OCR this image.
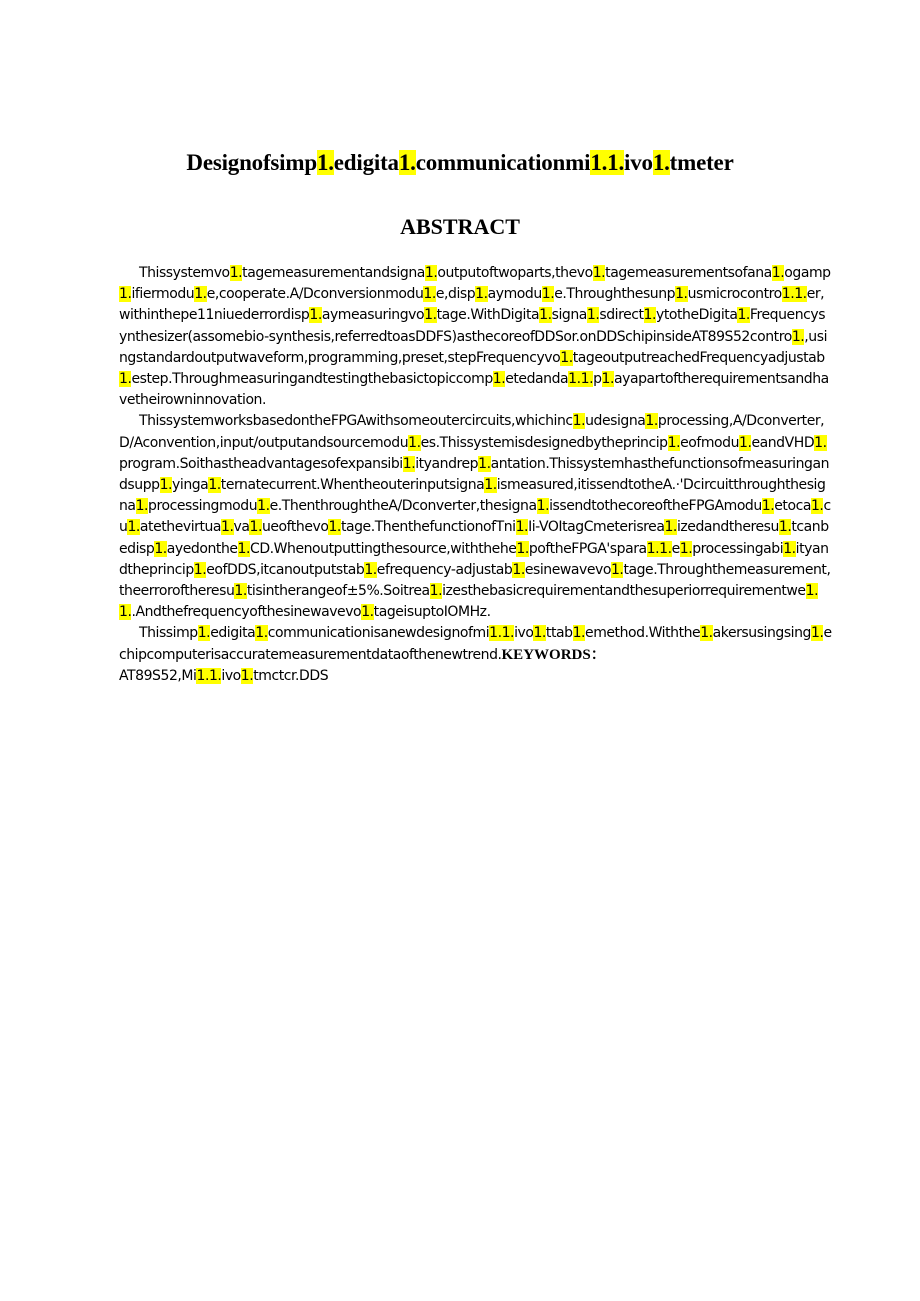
Designofsimp1.edigita1.communicationmi1.1.ivo1.tmeter
ABSTRACT

Thissystemvo1.tagemeasurementandsigna1.outputoftwoparts,thevo1.tagemeasurementsofana1.ogamp1.ifiermodu1.e,cooperate.A/Dconversionmodu1.e,disp1.aymodu1.e.Throughthesunp1.usmicrocontro1.1.er,withinthepe11niuederrordisp1.aymeasuringvo1.tage.WithDigita1.signa1.sdirect1.ytotheDigita1.Frequencysynthesizer(assomebio-synthesis,referredtoasDDFS)asthecoreofDDSor.onDDSchipinsideAT89S52contro1.,usingstandardoutputwaveform,programming,preset,stepFrequencyvo1.tageoutputreachedFrequencyadjustab1.estep.Throughmeasuringandtestingthebasictopiccomp1.etedanda1.1.p1.ayapartoftherequirementsandhavetheirowninnovation.

ThissystemworksbasedontheFPGAwithsomeoutercircuits,whichinc1.udesigna1.processing,A/Dconverter,D/Aconvention,input/outputandsourcemodu1.es.Thissystemisdesignedbytheprincip1.eofmodu1.eandVHD1.program.Soithastheadvantagesofexpansibi1.ityandrep1.antation.Thissystemhasthefunctionsofmeasuringandsupp1.yinga1.ternatecurrent.Whentheouterinputsigna1.ismeasured,itissendtotheA.·'Dcircuitthroughthesigna1.processingmodu1.e.ThenthroughtheA/Dconverter,thesigna1.issendtothecoreoftheFPGAmodu1.etoca1.cu1.atethevirtua1.va1.ueofthevo1.tage.ThenthefunctionofTni1.Ii-VOItagCmeterisrea1.izedandtheresu1.tcanbedisp1.ayedonthe1.CD.Whenoutputtingthesource,withthehe1.poftheFPGA'spara1.1.e1.processingabi1.ityandtheprincip1.eofDDS,itcanoutputstab1.efrequency-adjustab1.esinewavevo1.tage.Throughthemeasurement,theerroroftheresu1.tisintherangeof±5%.Soitrea1.izesthebasicrequirementandthesuperiorrequirementwe1.1..Andthefrequencyofthesinewavevo1.tageisuptoIOMHz.

Thissimp1.edigita1.communicationisanewdesignofmi1.1.ivo1.ttab1.emethod.Withthe1.akersusingsing1.echipcomputerisaccuratemeasurementdataofthenewtrend.KEYWORDS：

AT89S52,Mi1.1.ivo1.tmctcr.DDS
